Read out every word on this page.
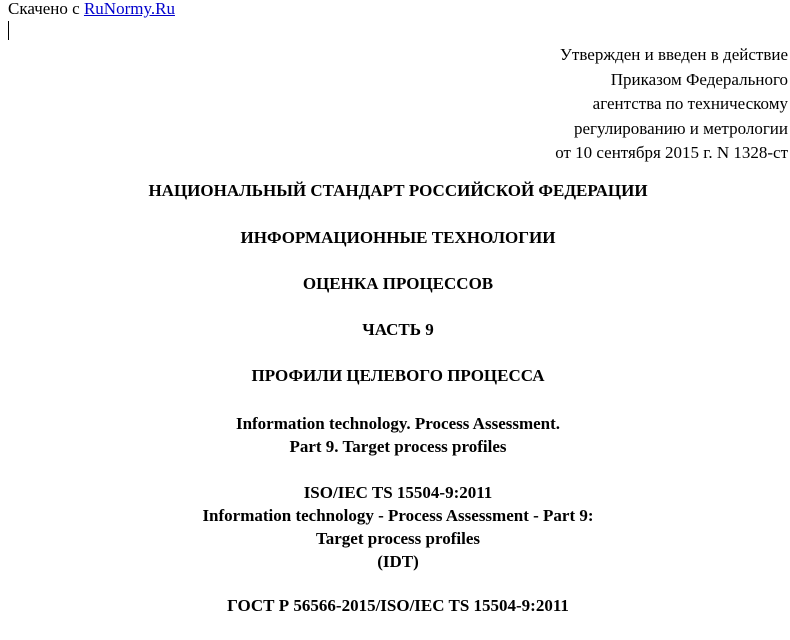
Скачено с RuNormy.Ru
Утвержден и введен в действие
Приказом Федерального
агентства по техническому
регулированию и метрологии
от 10 сентября 2015 г. N 1328-ст
НАЦИОНАЛЬНЫЙ СТАНДАРТ РОССИЙСКОЙ ФЕДЕРАЦИИ
ИНФОРМАЦИОННЫЕ ТЕХНОЛОГИИ
ОЦЕНКА ПРОЦЕССОВ
ЧАСТЬ 9
ПРОФИЛИ ЦЕЛЕВОГО ПРОЦЕССА
Information technology. Process Assessment.
Part 9. Target process profiles
ISO/IEC TS 15504-9:2011
Information technology - Process Assessment - Part 9:
Target process profiles
(IDT)
ГОСТ Р 56566-2015/ISO/IEC TS 15504-9:2011
